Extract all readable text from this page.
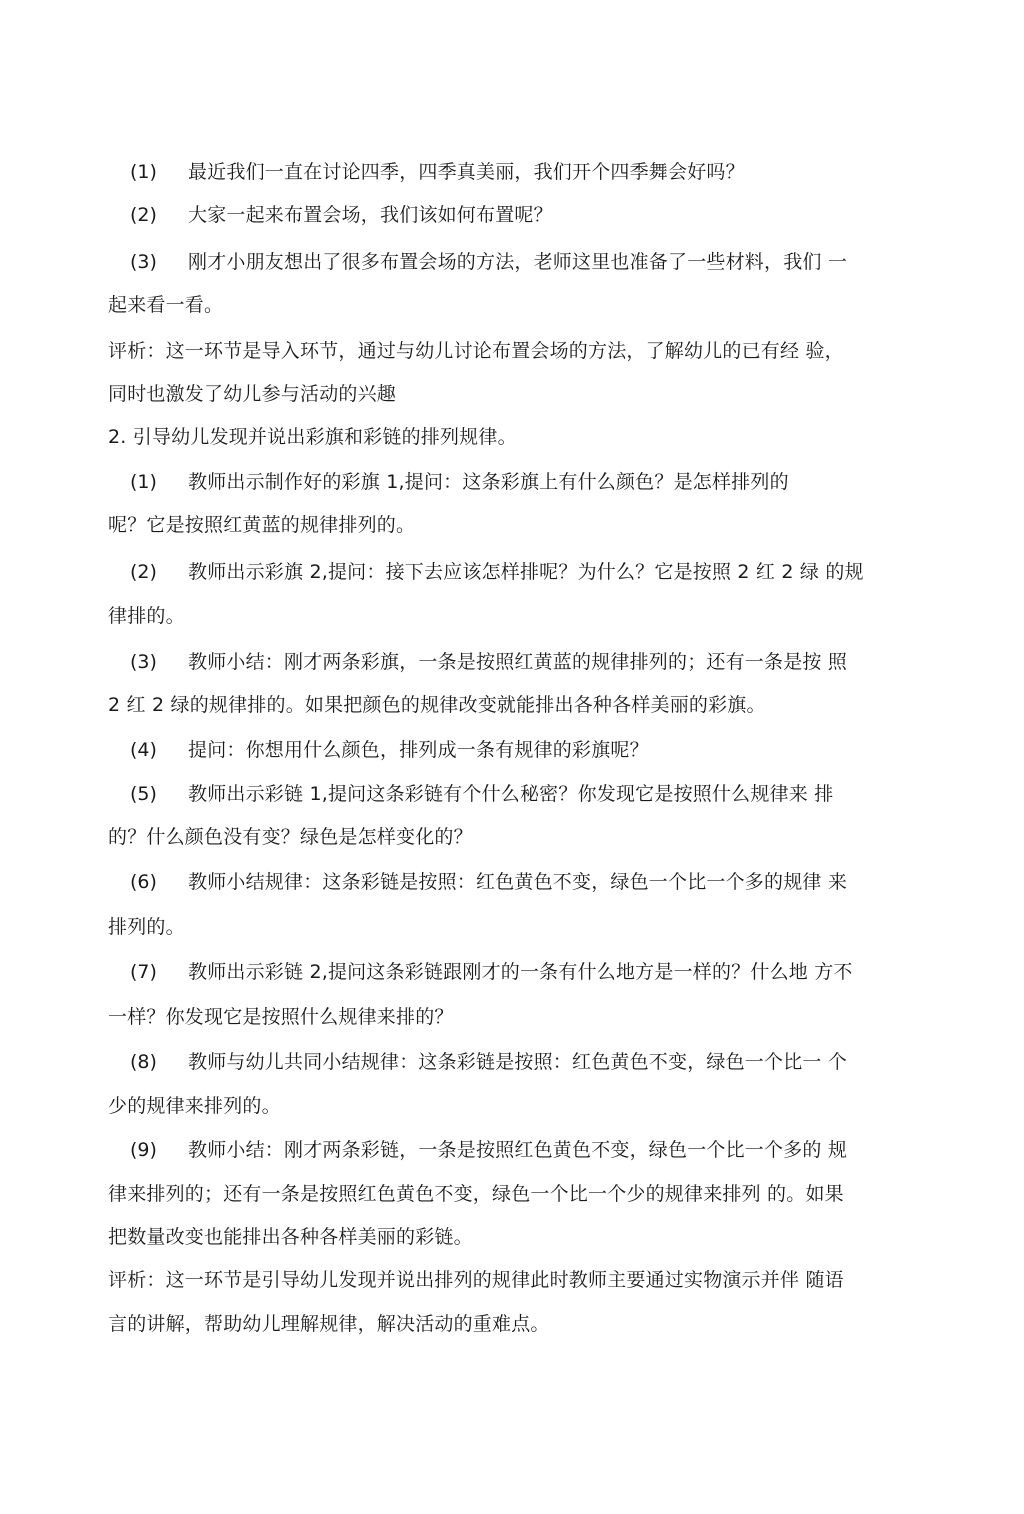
(1) 最近我们一直在讨论四季，四季真美丽，我们开个四季舞会好吗？
(2) 大家一起来布置会场，我们该如何布置呢？
(3) 刚才小朋友想出了很多布置会场的方法，老师这里也准备了一些材料，我们 一
起来看一看。
评析：这一环节是导入环节，通过与幼儿讨论布置会场的方法，了解幼儿的已有经 验，
同时也激发了幼儿参与活动的兴趣
2. 引导幼儿发现并说出彩旗和彩链的排列规律。
(1) 教师出示制作好的彩旗 1,提问：这条彩旗上有什么颜色？是怎样排列的
呢？它是按照红黄蓝的规律排列的。
(2) 教师出示彩旗 2,提问：接下去应该怎样排呢？为什么？它是按照 2 红 2 绿 的规
律排的。
(3) 教师小结：刚才两条彩旗，一条是按照红黄蓝的规律排列的；还有一条是按 照
2 红 2 绿的规律排的。如果把颜色的规律改变就能排出各种各样美丽的彩旗。
(4) 提问：你想用什么颜色，排列成一条有规律的彩旗呢？
(5) 教师出示彩链 1,提问这条彩链有个什么秘密？你发现它是按照什么规律来 排
的？什么颜色没有变？绿色是怎样变化的？
(6) 教师小结规律：这条彩链是按照：红色黄色不变，绿色一个比一个多的规律 来
排列的。
(7) 教师出示彩链 2,提问这条彩链跟刚才的一条有什么地方是一样的？什么地 方不
一样？你发现它是按照什么规律来排的？
(8) 教师与幼儿共同小结规律：这条彩链是按照：红色黄色不变，绿色一个比一 个
少的规律来排列的。
(9) 教师小结：刚才两条彩链，一条是按照红色黄色不变，绿色一个比一个多的 规
律来排列的；还有一条是按照红色黄色不变，绿色一个比一个少的规律来排列 的。如果
把数量改变也能排出各种各样美丽的彩链。
评析：这一环节是引导幼儿发现并说出排列的规律此时教师主要通过实物演示并伴 随语
言的讲解，帮助幼儿理解规律，解决活动的重难点。
